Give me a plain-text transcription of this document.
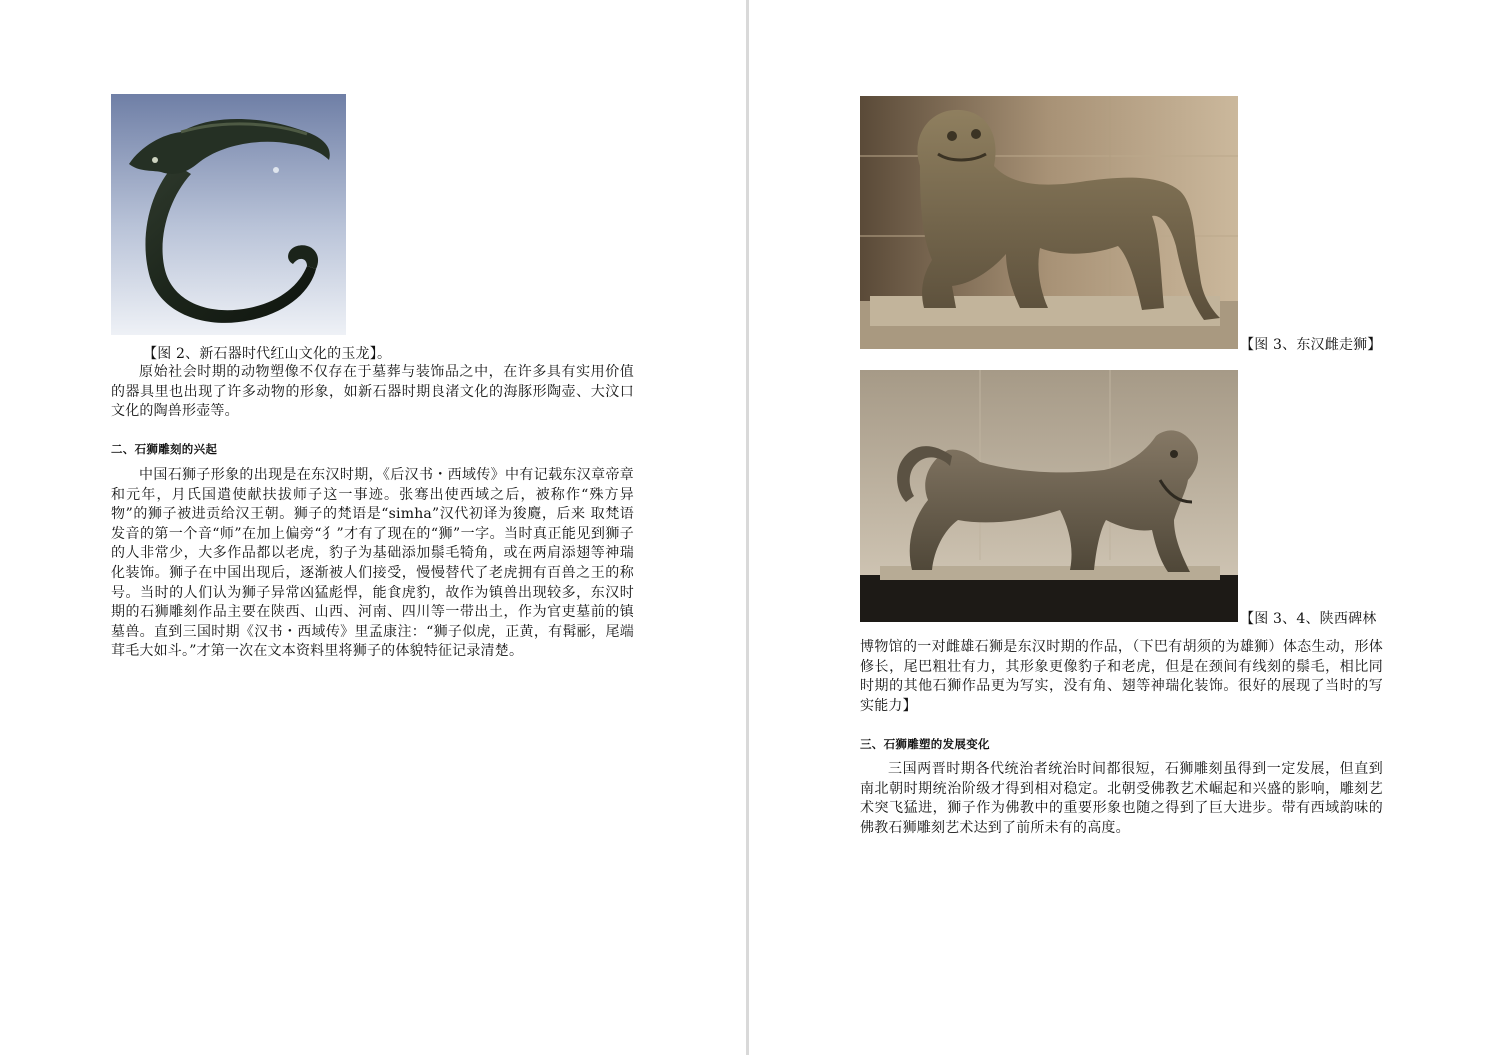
【图 2、新石器时代红山文化的玉龙】。

原始社会时期的动物塑像不仅存在于墓葬与装饰品之中，在许多具有实用价值的器具里也出现了许多动物的形象，如新石器时期良渚文化的海豚形陶壶、大汶口文化的陶兽形壶等。

二、石狮雕刻的兴起

中国石狮子形象的出现是在东汉时期，《后汉书・西域传》中有记载东汉章帝章和元年，月氏国遣使献扶拔师子这一事迹。张骞出使西域之后，被称作“殊方异物”的狮子被进贡给汉王朝。狮子的梵语是“simha”汉代初译为狻麑，后来 取梵语发音的第一个音“师”在加上偏旁“犭”才有了现在的“狮”一字。当时真正能见到狮子的人非常少，大多作品都以老虎，豹子为基础添加鬃毛犄角，或在两肩添翅等神瑞化装饰。狮子在中国出现后，逐渐被人们接受，慢慢替代了老虎拥有百兽之王的称号。当时的人们认为狮子异常凶猛彪悍，能食虎豹，故作为镇兽出现较多，东汉时期的石狮雕刻作品主要在陕西、山西、河南、四川等一带出土，作为官吏墓前的镇墓兽。直到三国时期《汉书・西域传》里孟康注：“狮子似虎，正黄，有髯彨，尾端茸毛大如斗。”才第一次在文本资料里将狮子的体貌特征记录清楚。

【图 3、东汉雌走狮】

【图 3、4、陕西碑林

博物馆的一对雌雄石狮是东汉时期的作品，（下巴有胡须的为雄狮）体态生动，形体修长，尾巴粗壮有力，其形象更像豹子和老虎，但是在颈间有线刻的鬃毛，相比同时期的其他石狮作品更为写实，没有角、翅等神瑞化装饰。很好的展现了当时的写实能力】

三、石狮雕塑的发展变化

三国两晋时期各代统治者统治时间都很短，石狮雕刻虽得到一定发展，但直到南北朝时期统治阶级才得到相对稳定。北朝受佛教艺术崛起和兴盛的影响，雕刻艺术突飞猛进，狮子作为佛教中的重要形象也随之得到了巨大进步。带有西域韵味的佛教石狮雕刻艺术达到了前所未有的高度。
